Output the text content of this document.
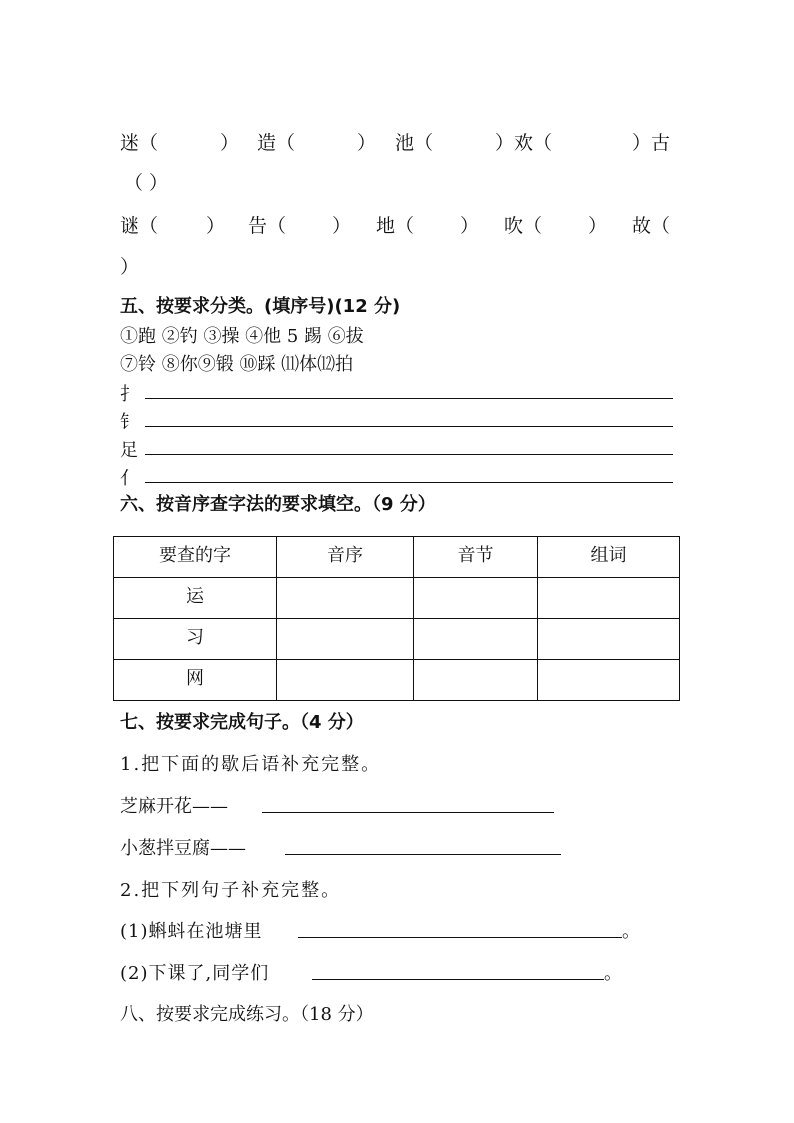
迷（	） 造（	） 池（	）欢（	）古
（ ）
谜（	） 告（ ） 地（ ） 吹（ ） 故（
）
五、按要求分类。(填序号)(12 分)
①跑 ②钓 ③操 ④他 5 踢 ⑥拔
⑦铃 ⑧你⑨锻 ⑩踩 ⑾体⑿拍
扌
钅
足
亻
六、按音序查字法的要求填空。（9 分）
要查的字	音序	音节	组词
运			
习			
网			
七、按要求完成句子。（4 分）
1.把下面的歇后语补充完整。
芝麻开花——
小葱拌豆腐——
2.把下列句子补充完整。
(1)蝌蚪在池塘里	。
(2)下课了,同学们	。
八、按要求完成练习。（18 分）
